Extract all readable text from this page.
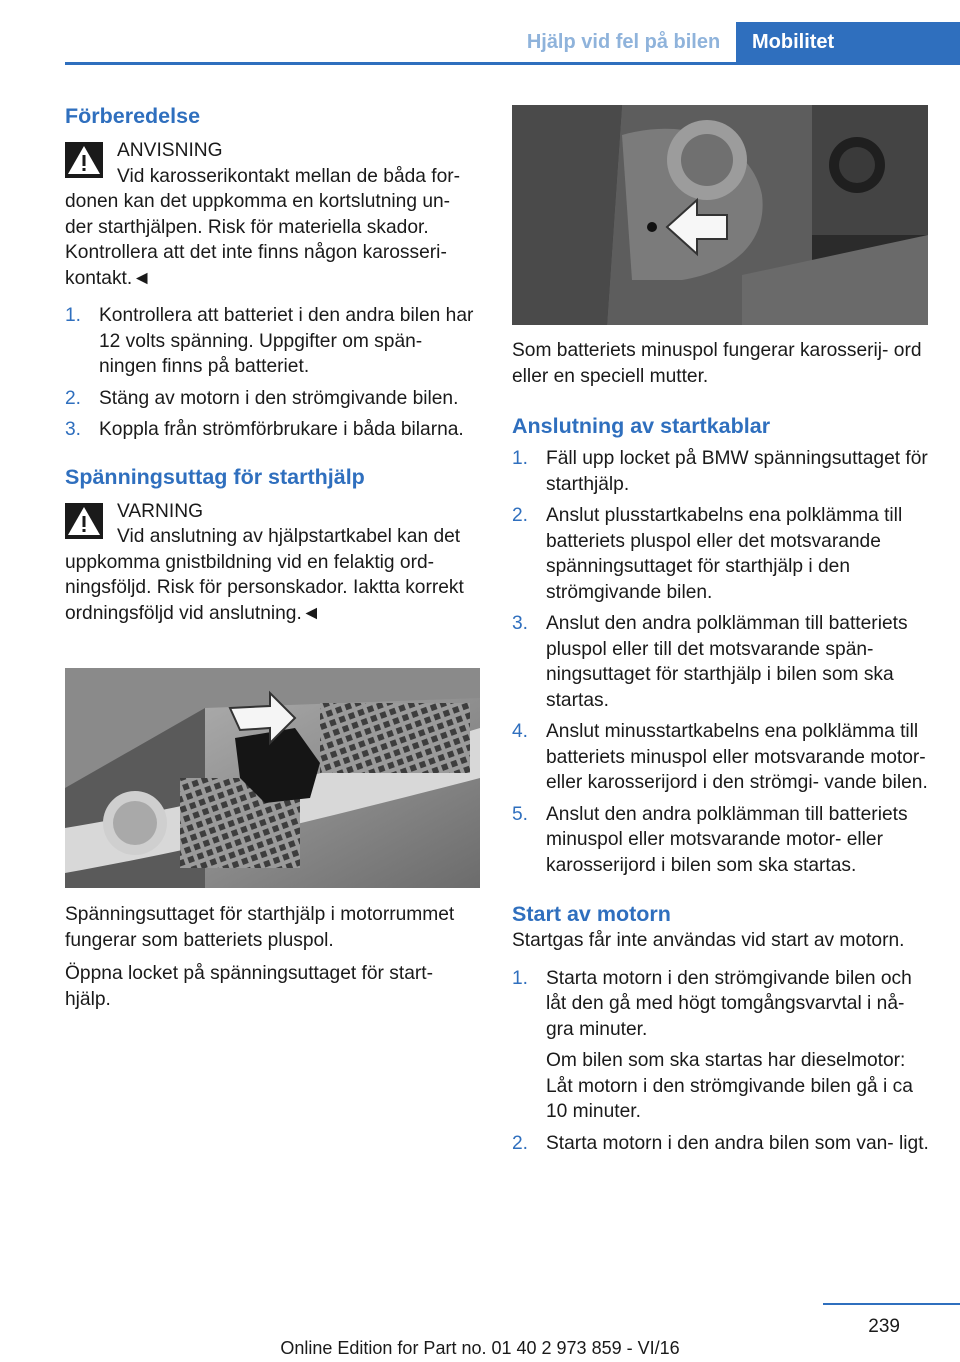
Hjälp vid fel på bilen	Mobilitet
Förberedelse
ANVISNING
Vid karosserikontakt mellan de båda for‐
donen kan det uppkomma en kortslutning un‐ der starthjälpen. Risk för materiella skador. Kontrollera att det inte finns någon karosseri‐ kontakt.◄
1. Kontrollera att batteriet i den andra bilen har 12 volts spänning. Uppgifter om spän‐ ningen finns på batteriet.

2. Stäng av motorn i den strömgivande bilen.

3. Koppla från strömförbrukare i båda bilarna.

Spänningsuttag för starthjälp
VARNING
Vid anslutning av hjälpstartkabel kan det
uppkomma gnistbildning vid en felaktig ord‐ ningsföljd. Risk för personskador. Iaktta korrekt ordningsföljd vid anslutning.◄
Spänningsuttaget för starthjälp i motorrummet fungerar som batteriets pluspol.
Öppna locket på spänningsuttaget för start‐ hjälp.
Som batteriets minuspol fungerar karosserij‐ ord eller en speciell mutter.
Anslutning av startkablar
1. Fäll upp locket på BMW spänningsuttaget för starthjälp.

2. Anslut plusstartkabelns ena polklämma till batteriets pluspol eller det motsvarande spänningsuttaget för starthjälp i den strömgivande bilen.

3. Anslut den andra polklämman till batteriets pluspol eller till det motsvarande spän‐ ningsuttaget för starthjälp i bilen som ska startas.

4. Anslut minusstartkabelns ena polklämma till batteriets minuspol eller motsvarande motor- eller karosserijord i den strömgi‐ vande bilen.

5. Anslut den andra polklämman till batteriets minuspol eller motsvarande motor- eller karosserijord i bilen som ska startas.

Start av motorn
Startgas får inte användas vid start av motorn.
1. Starta motorn i den strömgivande bilen och låt den gå med högt tomgångsvarvtal i nå‐ gra minuter.

Om bilen som ska startas har dieselmotor: Låt motorn i den strömgivande bilen gå i ca 10 minuter.

2. Starta motorn i den andra bilen som van‐ ligt.

239
Online Edition for Part no. 01 40 2 973 859 - VI/16
